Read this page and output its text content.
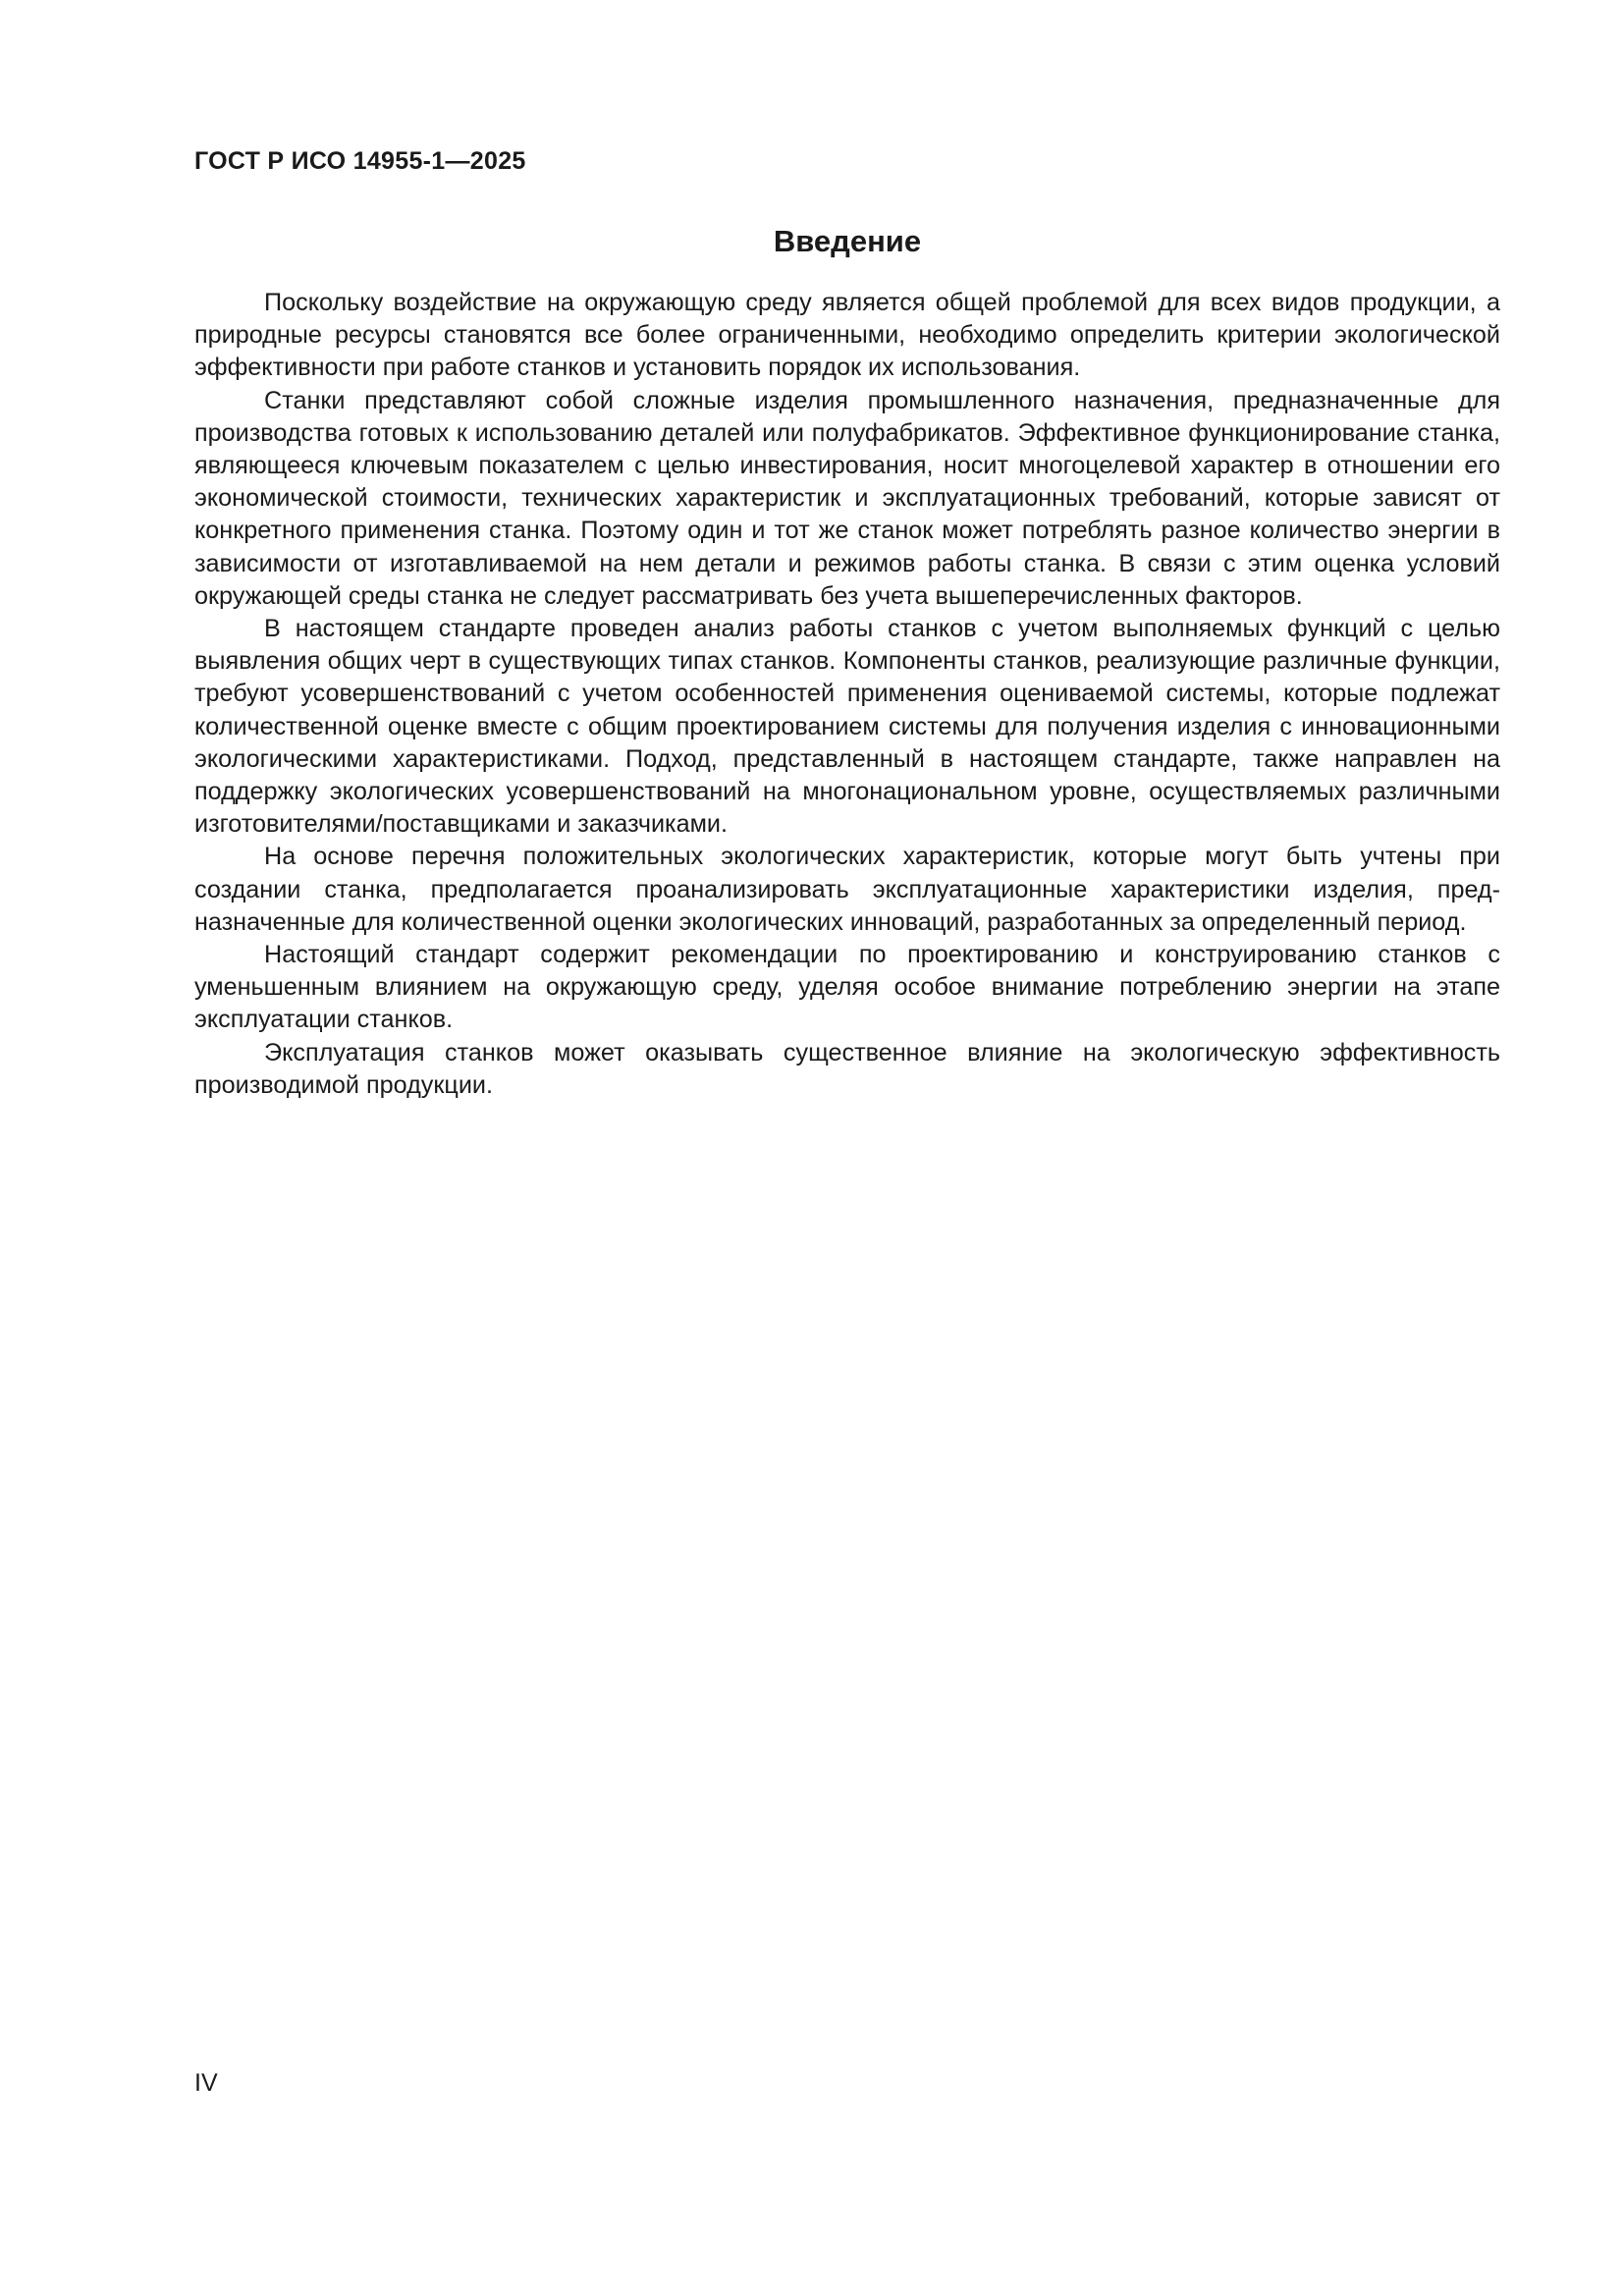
ГОСТ Р ИСО 14955-1—2025

Введение

Поскольку воздействие на окружающую среду является общей проблемой для всех видов продукции, а природные ресурсы становятся все более ограниченными, необходимо определить критерии экологической эффективности при работе станков и установить порядок их использования.

Станки представляют собой сложные изделия промышленного назначения, предназначенные для производства готовых к использованию деталей или полуфабрикатов. Эффективное функционирование станка, являющееся ключевым показателем с целью инвестирования, носит многоцелевой характер в отношении его экономической стоимости, технических характеристик и эксплуатационных требований, которые зависят от конкретного применения станка. Поэтому один и тот же станок может потреблять разное количество энергии в зависимости от изготавливаемой на нем детали и режимов работы станка. В связи с этим оценка условий окружающей среды станка не следует рассматривать без учета вышеперечисленных факторов.

В настоящем стандарте проведен анализ работы станков с учетом выполняемых функций с целью выявления общих черт в существующих типах станков. Компоненты станков, реализующие различные функции, требуют усовершенствований с учетом особенностей применения оцениваемой системы, которые подлежат количественной оценке вместе с общим проектированием системы для получения изделия с инновационными экологическими характеристиками. Подход, представленный в настоящем стандарте, также направлен на поддержку экологических усовершенствований на многонациональном уровне, осуществляемых различными изготовителями/поставщиками и заказчиками.

На основе перечня положительных экологических характеристик, которые могут быть учтены при создании станка, предполагается проанализировать эксплуатационные характеристики изделия, предназначенные для количественной оценки экологических инноваций, разработанных за определенный период.

Настоящий стандарт содержит рекомендации по проектированию и конструированию станков с уменьшенным влиянием на окружающую среду, уделяя особое внимание потреблению энергии на этапе эксплуатации станков.

Эксплуатация станков может оказывать существенное влияние на экологическую эффективность производимой продукции.

IV
